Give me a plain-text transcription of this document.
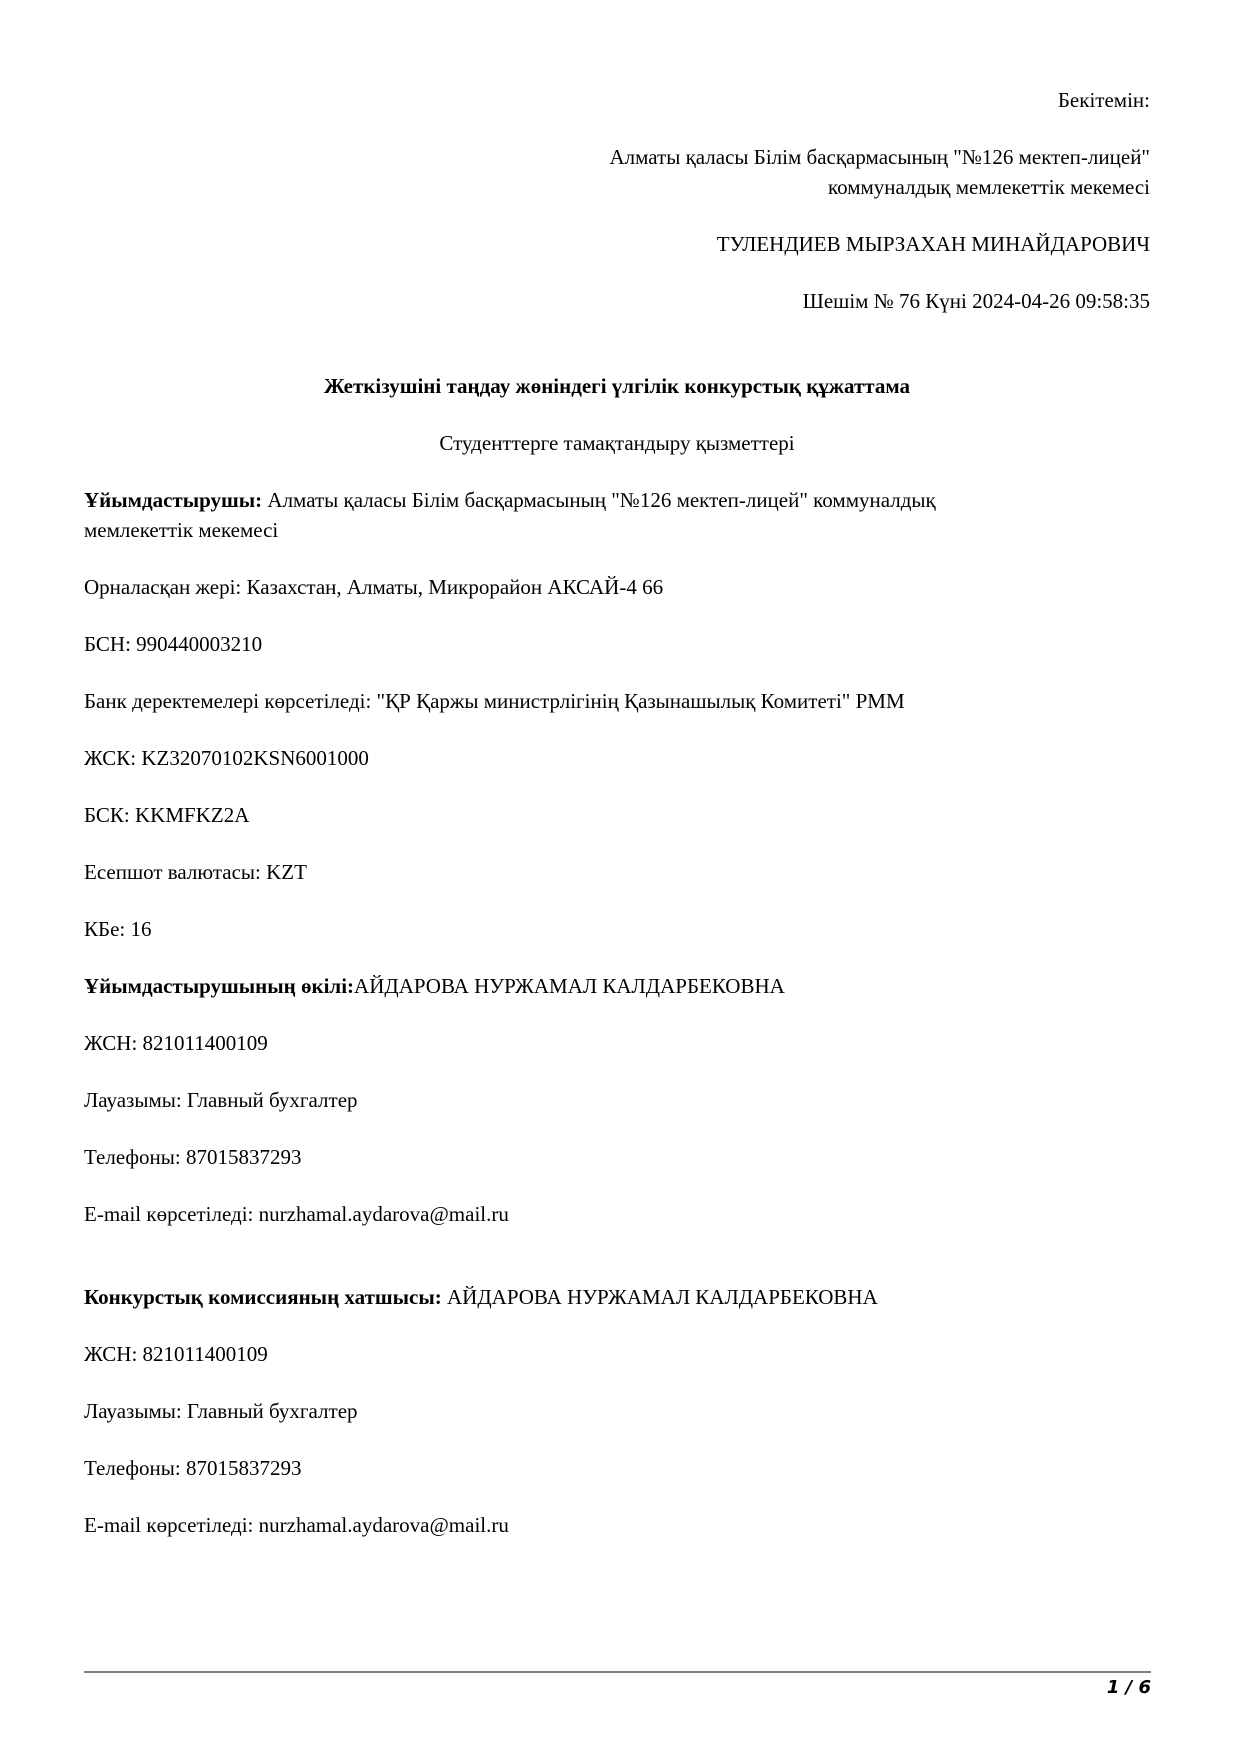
Бекітемін:

Алматы қаласы Білім басқармасының "№126 мектеп-лицей"
коммуналдық мемлекеттік мекемесі

ТУЛЕНДИЕВ МЫРЗАХАН МИНАЙДАРОВИЧ

Шешім № 76 Күні 2024-04-26 09:58:35

Жеткізушіні таңдау жөніндегі үлгілік конкурстық құжаттама

Студенттерге тамақтандыру қызметтері

Ұйымдастырушы: Алматы қаласы Білім басқармасының "№126 мектеп-лицей" коммуналдық мемлекеттік мекемесі

Орналасқан жері: Казахстан, Алматы, Микрорайон АКСАЙ-4 66

БСН: 990440003210

Банк деректемелері көрсетіледі: "ҚР Қаржы министрлігінің Қазынашылық Комитеті" РММ

ЖСК: KZ32070102KSN6001000

БСК: KKMFKZ2A

Есепшот валютасы: KZT

КБе: 16

Ұйымдастырушының өкілі:АЙДАРОВА НУРЖАМАЛ КАЛДАРБЕКОВНА

ЖСН: 821011400109

Лауазымы: Главный бухгалтер

Телефоны: 87015837293

E-mail көрсетіледі: nurzhamal.aydarova@mail.ru

Конкурстық комиссияның хатшысы: АЙДАРОВА НУРЖАМАЛ КАЛДАРБЕКОВНА

ЖСН: 821011400109

Лауазымы: Главный бухгалтер

Телефоны: 87015837293

E-mail көрсетіледі: nurzhamal.aydarova@mail.ru

1 / 6
